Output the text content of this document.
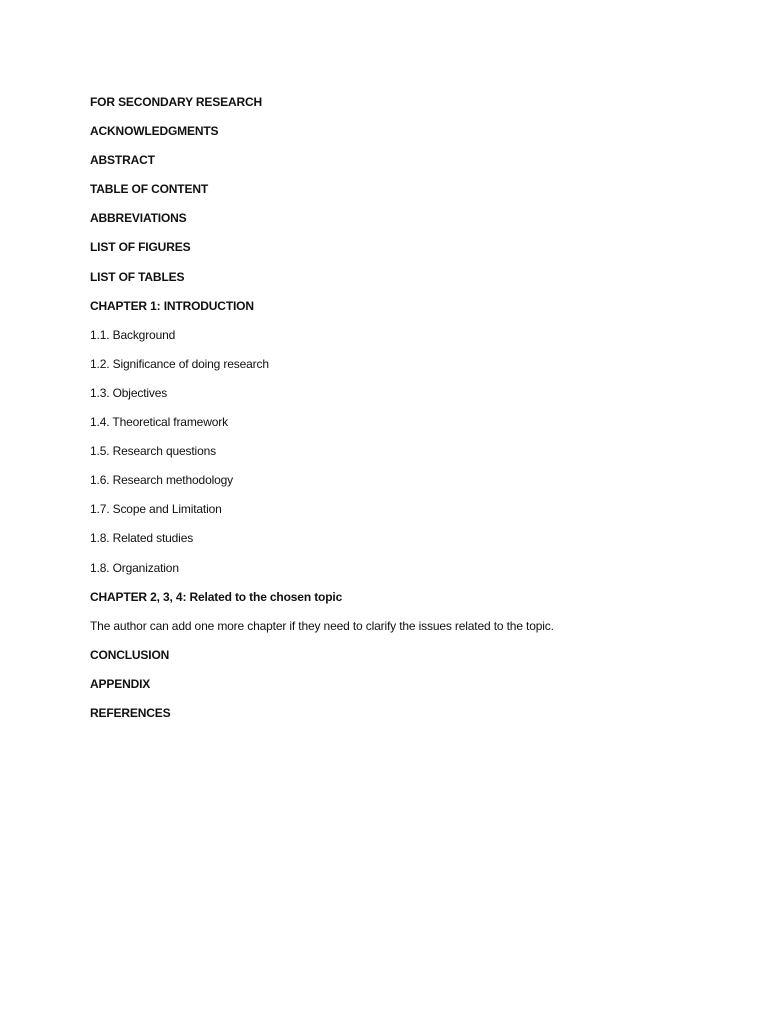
FOR SECONDARY RESEARCH
ACKNOWLEDGMENTS
ABSTRACT
TABLE OF CONTENT
ABBREVIATIONS
LIST OF FIGURES
LIST OF TABLES
CHAPTER 1: INTRODUCTION
1.1. Background
1.2. Significance of doing research
1.3. Objectives
1.4. Theoretical framework
1.5. Research questions
1.6. Research methodology
1.7. Scope and Limitation
1.8. Related studies
1.8. Organization
CHAPTER 2, 3, 4: Related to the chosen topic
The author can add one more chapter if they need to clarify the issues related to the topic.
CONCLUSION
APPENDIX
REFERENCES
